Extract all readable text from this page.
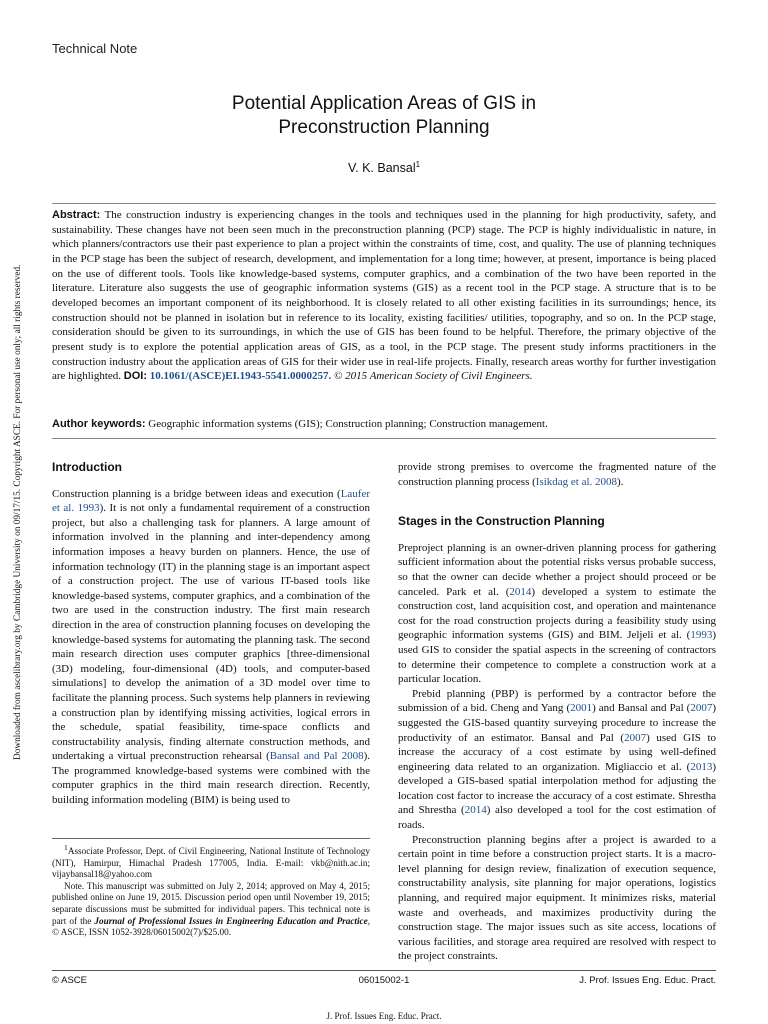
Technical Note
Potential Application Areas of GIS in
Preconstruction Planning
V. K. Bansal$^1$
Abstract: The construction industry is experiencing changes in the tools and techniques used in the planning for high productivity, safety, and sustainability. These changes have not been seen much in the preconstruction planning (PCP) stage. The PCP is highly individualistic in nature, in which planners/contractors use their past experience to plan a project within the constraints of time, cost, and quality. The use of planning techniques in the PCP stage has been the subject of research, development, and implementation for a long time; however, at present, importance is being placed on the use of different tools. Tools like knowledge-based systems, computer graphics, and a combination of the two have been reported in the literature. Literature also suggests the use of geographic information systems (GIS) as a recent tool in the PCP stage. A structure that is to be developed becomes an important component of its neighborhood. It is closely related to all other existing facilities in its surroundings; hence, its construction should not be planned in isolation but in reference to its locality, existing facilities/ utilities, topography, and so on. In the PCP stage, consideration should be given to its surroundings, in which the use of GIS has been found to be helpful. Therefore, the primary objective of the present study is to explore the potential application areas of GIS, as a tool, in the PCP stage. The present study informs practitioners in the construction industry about the application areas of GIS for their wider use in real-life projects. Finally, research areas worthy for further investigation are highlighted. DOI: 10.1061/(ASCE)EI.1943-5541.0000257. © 2015 American Society of Civil Engineers.
Author keywords: Geographic information systems (GIS); Construction planning; Construction management.
Introduction

Construction planning is a bridge between ideas and execution (Laufer et al. 1993). It is not only a fundamental requirement of a construction project, but also a challenging task for planners. A large amount of information involved in the planning and inter-dependency among information imposes a heavy burden on planners. Hence, the use of information technology (IT) in the planning stage is an important aspect of a construction project. The use of various IT-based tools like knowledge-based systems, computer graphics, and a combination of the two are used in the construction industry. The first main research direction in the area of construction planning focuses on developing the knowledge-based systems for automating the planning task. The second main research direction uses computer graphics [three-dimensional (3D) modeling, four-dimensional (4D) tools, and computer-based simulations] to develop the animation of a 3D model over time to facilitate the planning process. Such systems help planners in reviewing a construction plan by identifying missing activities, logical errors in the schedule, spatial feasibility, time-space conflicts and constructability analysis, finding alternate construction methods, and undertaking a virtual preconstruction rehearsal (Bansal and Pal 2008). The programmed knowledge-based systems were combined with the computer graphics in the third main research direction. Recently, building information modeling (BIM) is being used to

$^1$Associate Professor, Dept. of Civil Engineering, National Institute of Technology (NIT), Hamirpur, Himachal Pradesh 177005, India. E-mail: vkb@nith.ac.in; vijaybansal18@yahoo.com

Note. This manuscript was submitted on July 2, 2014; approved on May 4, 2015; published online on June 19, 2015. Discussion period open until November 19, 2015; separate discussions must be submitted for individual papers. This technical note is part of the Journal of Professional Issues in Engineering Education and Practice, © ASCE, ISSN 1052-3928/06015002(7)/$25.00.

provide strong premises to overcome the fragmented nature of the construction planning process (Isikdag et al. 2008).

Stages in the Construction Planning

Preproject planning is an owner-driven planning process for gathering sufficient information about the potential risks versus probable success, so that the owner can decide whether a project should proceed or be canceled. Park et al. (2014) developed a system to estimate the construction cost, land acquisition cost, and operation and maintenance cost for the road construction projects during a feasibility study using geographic information systems (GIS) and BIM. Jeljeli et al. (1993) used GIS to consider the spatial aspects in the screening of contractors to determine their competence to complete a construction work at a particular location.

Prebid planning (PBP) is performed by a contractor before the submission of a bid. Cheng and Yang (2001) and Bansal and Pal (2007) suggested the GIS-based quantity surveying procedure to increase the productivity of an estimator. Bansal and Pal (2007) used GIS to increase the accuracy of a cost estimate by using well-defined engineering data related to an organization. Migliaccio et al. (2013) developed a GIS-based spatial interpolation method for adjusting the location cost factor to increase the accuracy of a cost estimate. Shrestha and Shrestha (2014) also developed a tool for the cost estimation of roads.

Preconstruction planning begins after a project is awarded to a certain point in time before a construction project starts. It is a macro-level planning for design review, finalization of execution sequence, constructability analysis, site planning for major operations, logistics planning, and required major equipment. It minimizes risks, material waste and overheads, and maximizes productivity during the construction stage. The major issues such as site access, locations of various facilities, and storage area required are resolved with respect to the project constraints.

© ASCE	06015002-1	J. Prof. Issues Eng. Educ. Pract.
J. Prof. Issues Eng. Educ. Pract.
Downloaded from ascelibrary.org by Cambridge University on 09/17/15. Copyright ASCE. For personal use only; all rights reserved.
